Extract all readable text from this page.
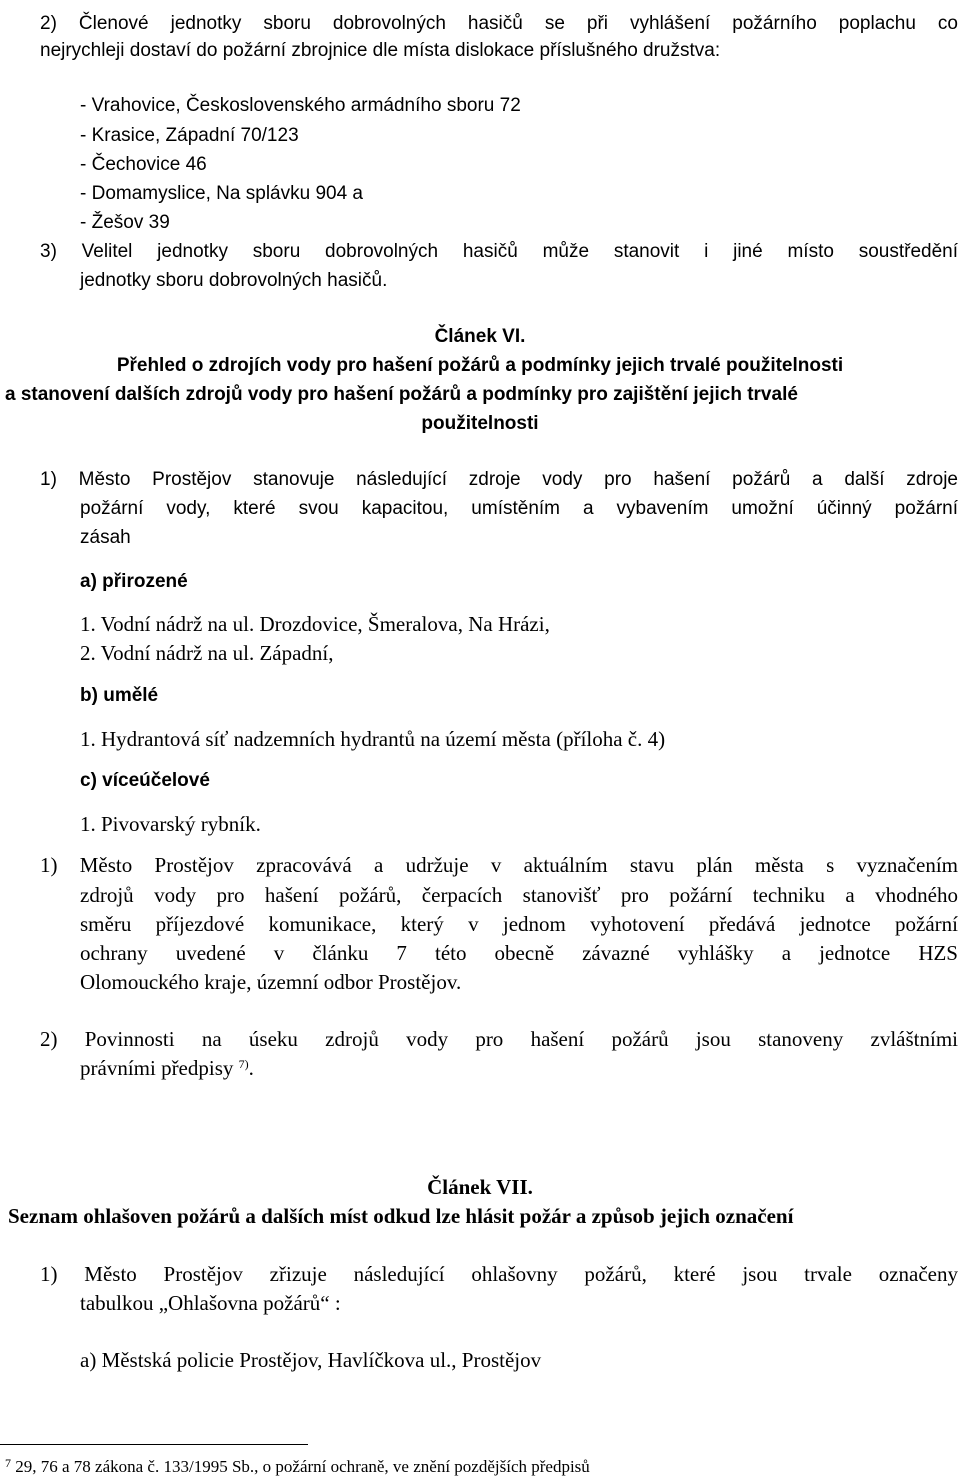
2) Členové jednotky sboru dobrovolných hasičů se při vyhlášení požárního poplachu co

nejrychleji dostaví do požární zbrojnice dle místa dislokace příslušného družstva:

- Vrahovice, Československého armádního sboru 72

- Krasice, Západní 70/123

- Čechovice 46

- Domamyslice, Na splávku 904 a

- Žešov 39

3) Velitel jednotky sboru dobrovolných hasičů může stanovit i jiné místo soustředění

jednotky sboru dobrovolných hasičů.

Článek VI.

Přehled o zdrojích vody pro hašení požárů a podmínky jejich trvalé použitelnosti

a stanovení dalších zdrojů vody pro hašení požárů a podmínky pro zajištění jejich trvalé

použitelnosti

1) Město Prostějov stanovuje následující zdroje vody pro hašení požárů a další zdroje

požární vody, které svou kapacitou, umístěním a vybavením umožní účinný požární

zásah

a) přirozené

1. Vodní nádrž na ul. Drozdovice, Šmeralova, Na Hrázi,

2. Vodní nádrž na ul. Západní,

b) umělé

1. Hydrantová síť nadzemních hydrantů na území města (příloha č. 4)

c) víceúčelové

1. Pivovarský rybník.

1) Město Prostějov zpracovává a udržuje v aktuálním stavu plán města s vyznačením

zdrojů vody pro hašení požárů, čerpacích stanovišť pro požární techniku a vhodného

směru příjezdové komunikace, který v jednom vyhotovení předává jednotce požární

ochrany uvedené v článku 7 této obecně závazné vyhlášky a jednotce HZS

Olomouckého kraje, územní odbor Prostějov.

2) Povinnosti na úseku zdrojů vody pro hašení požárů jsou stanoveny zvláštními

právními předpisy $^{7)}$.

Článek VII.

Seznam ohlašoven požárů a dalších míst odkud lze hlásit požár a způsob jejich označení

1) Město Prostějov zřizuje následující ohlašovny požárů, které jsou trvale označeny

tabulkou „Ohlašovna požárů“ :

a) Městská policie Prostějov, Havlíčkova ul., Prostějov

$^7$ 29, 76 a 78 zákona č. 133/1995 Sb., o požární ochraně, ve znění pozdějších předpisů
